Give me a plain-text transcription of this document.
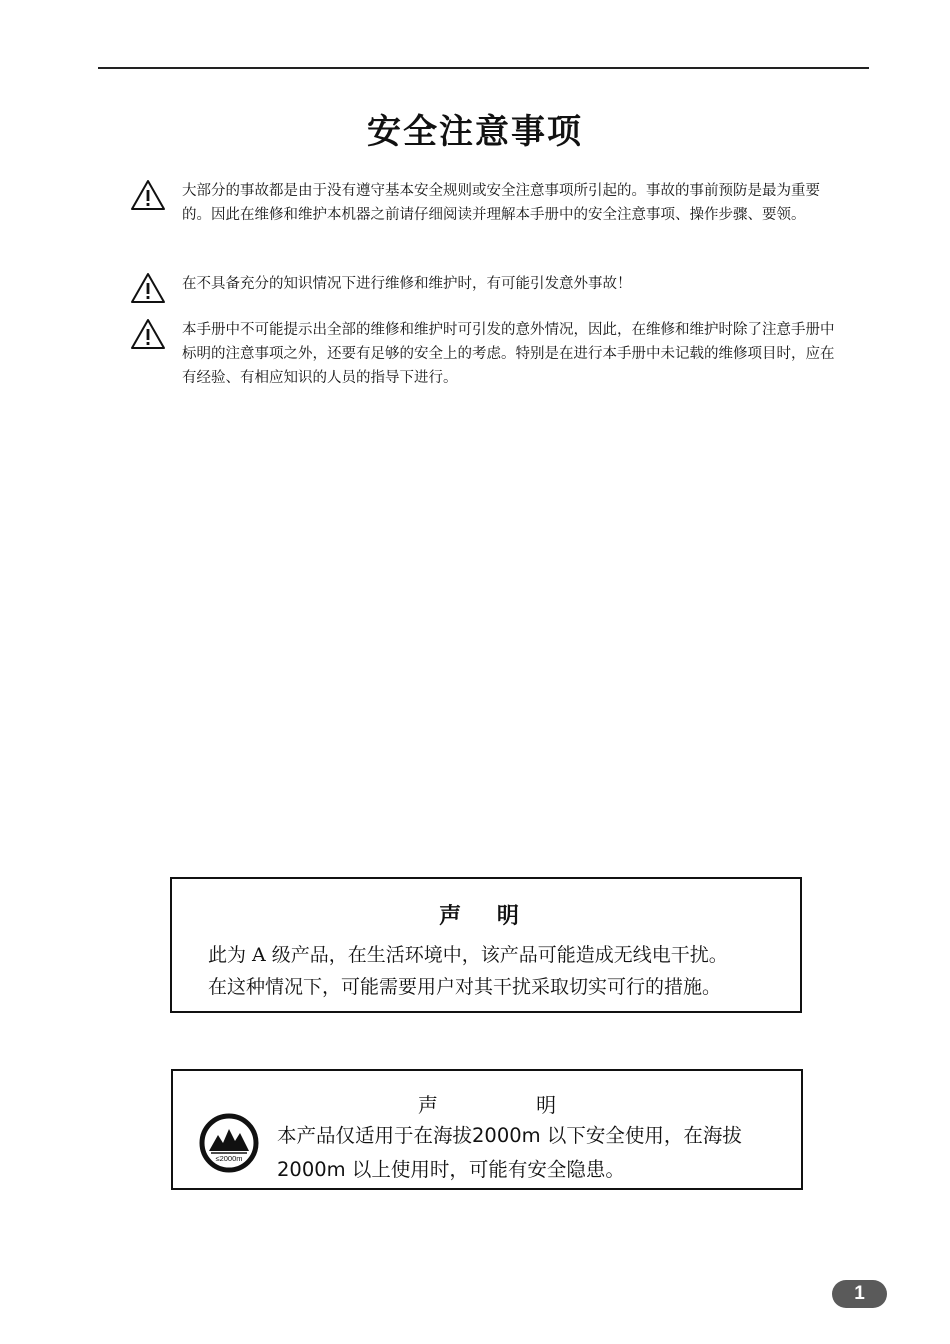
安全注意事项
大部分的事故都是由于没有遵守基本安全规则或安全注意事项所引起的。事故的事前预防是最为重要的。因此在维修和维护本机器之前请仔细阅读并理解本手册中的安全注意事项、操作步骤、要领。
在不具备充分的知识情况下进行维修和维护时，有可能引发意外事故！
本手册中不可能提示出全部的维修和维护时可引发的意外情况，因此，在维修和维护时除了注意手册中标明的注意事项之外，还要有足够的安全上的考虑。特别是在进行本手册中未记载的维修项目时，应在有经验、有相应知识的人员的指导下进行。
声 明
此为 A 级产品，在生活环境中，该产品可能造成无线电干扰。
在这种情况下，可能需要用户对其干扰采取切实可行的措施。
声 明
≤2000m
本产品仅适用于在海拔2000m 以下安全使用，在海拔2000m 以上使用时，可能有安全隐患。
1
